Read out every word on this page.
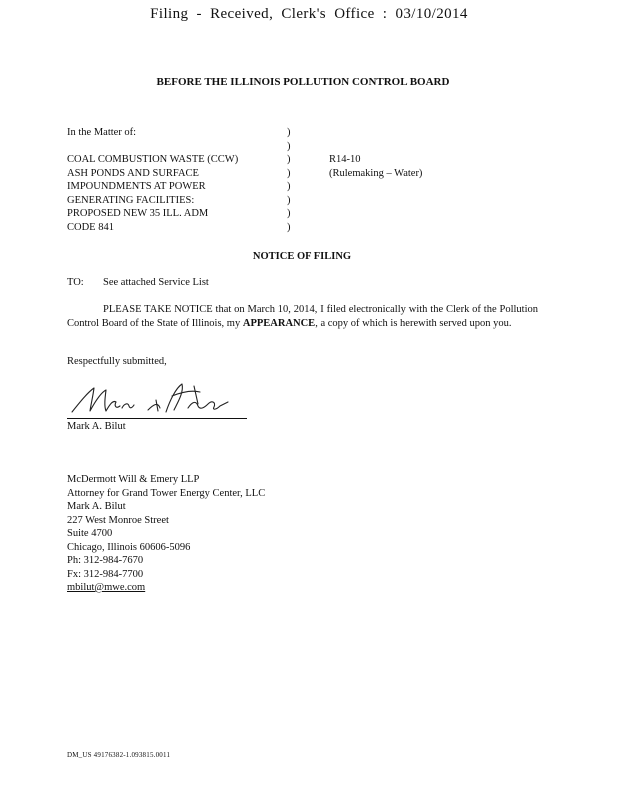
Filing - Received, Clerk's Office : 03/10/2014
BEFORE THE ILLINOIS POLLUTION CONTROL BOARD
In the Matter of:
COAL COMBUSTION WASTE (CCW)
ASH PONDS AND SURFACE
IMPOUNDMENTS AT POWER
GENERATING FACILITIES:
PROPOSED NEW 35 ILL. ADM
CODE 841
)
)
)
)
)
)
)
)
R14-10
(Rulemaking – Water)
NOTICE OF FILING
TO: See attached Service List
PLEASE TAKE NOTICE that on March 10, 2014, I filed electronically with the Clerk of the Pollution Control Board of the State of Illinois, my APPEARANCE, a copy of which is herewith served upon you.
Respectfully submitted,
Mark A. Bilut
McDermott Will & Emery LLP
Attorney for Grand Tower Energy Center, LLC
Mark A. Bilut
227 West Monroe Street
Suite 4700
Chicago, Illinois 60606-5096
Ph: 312-984-7670
Fx: 312-984-7700
mbilut@mwe.com
DM_US 49176382-1.093815.0011
